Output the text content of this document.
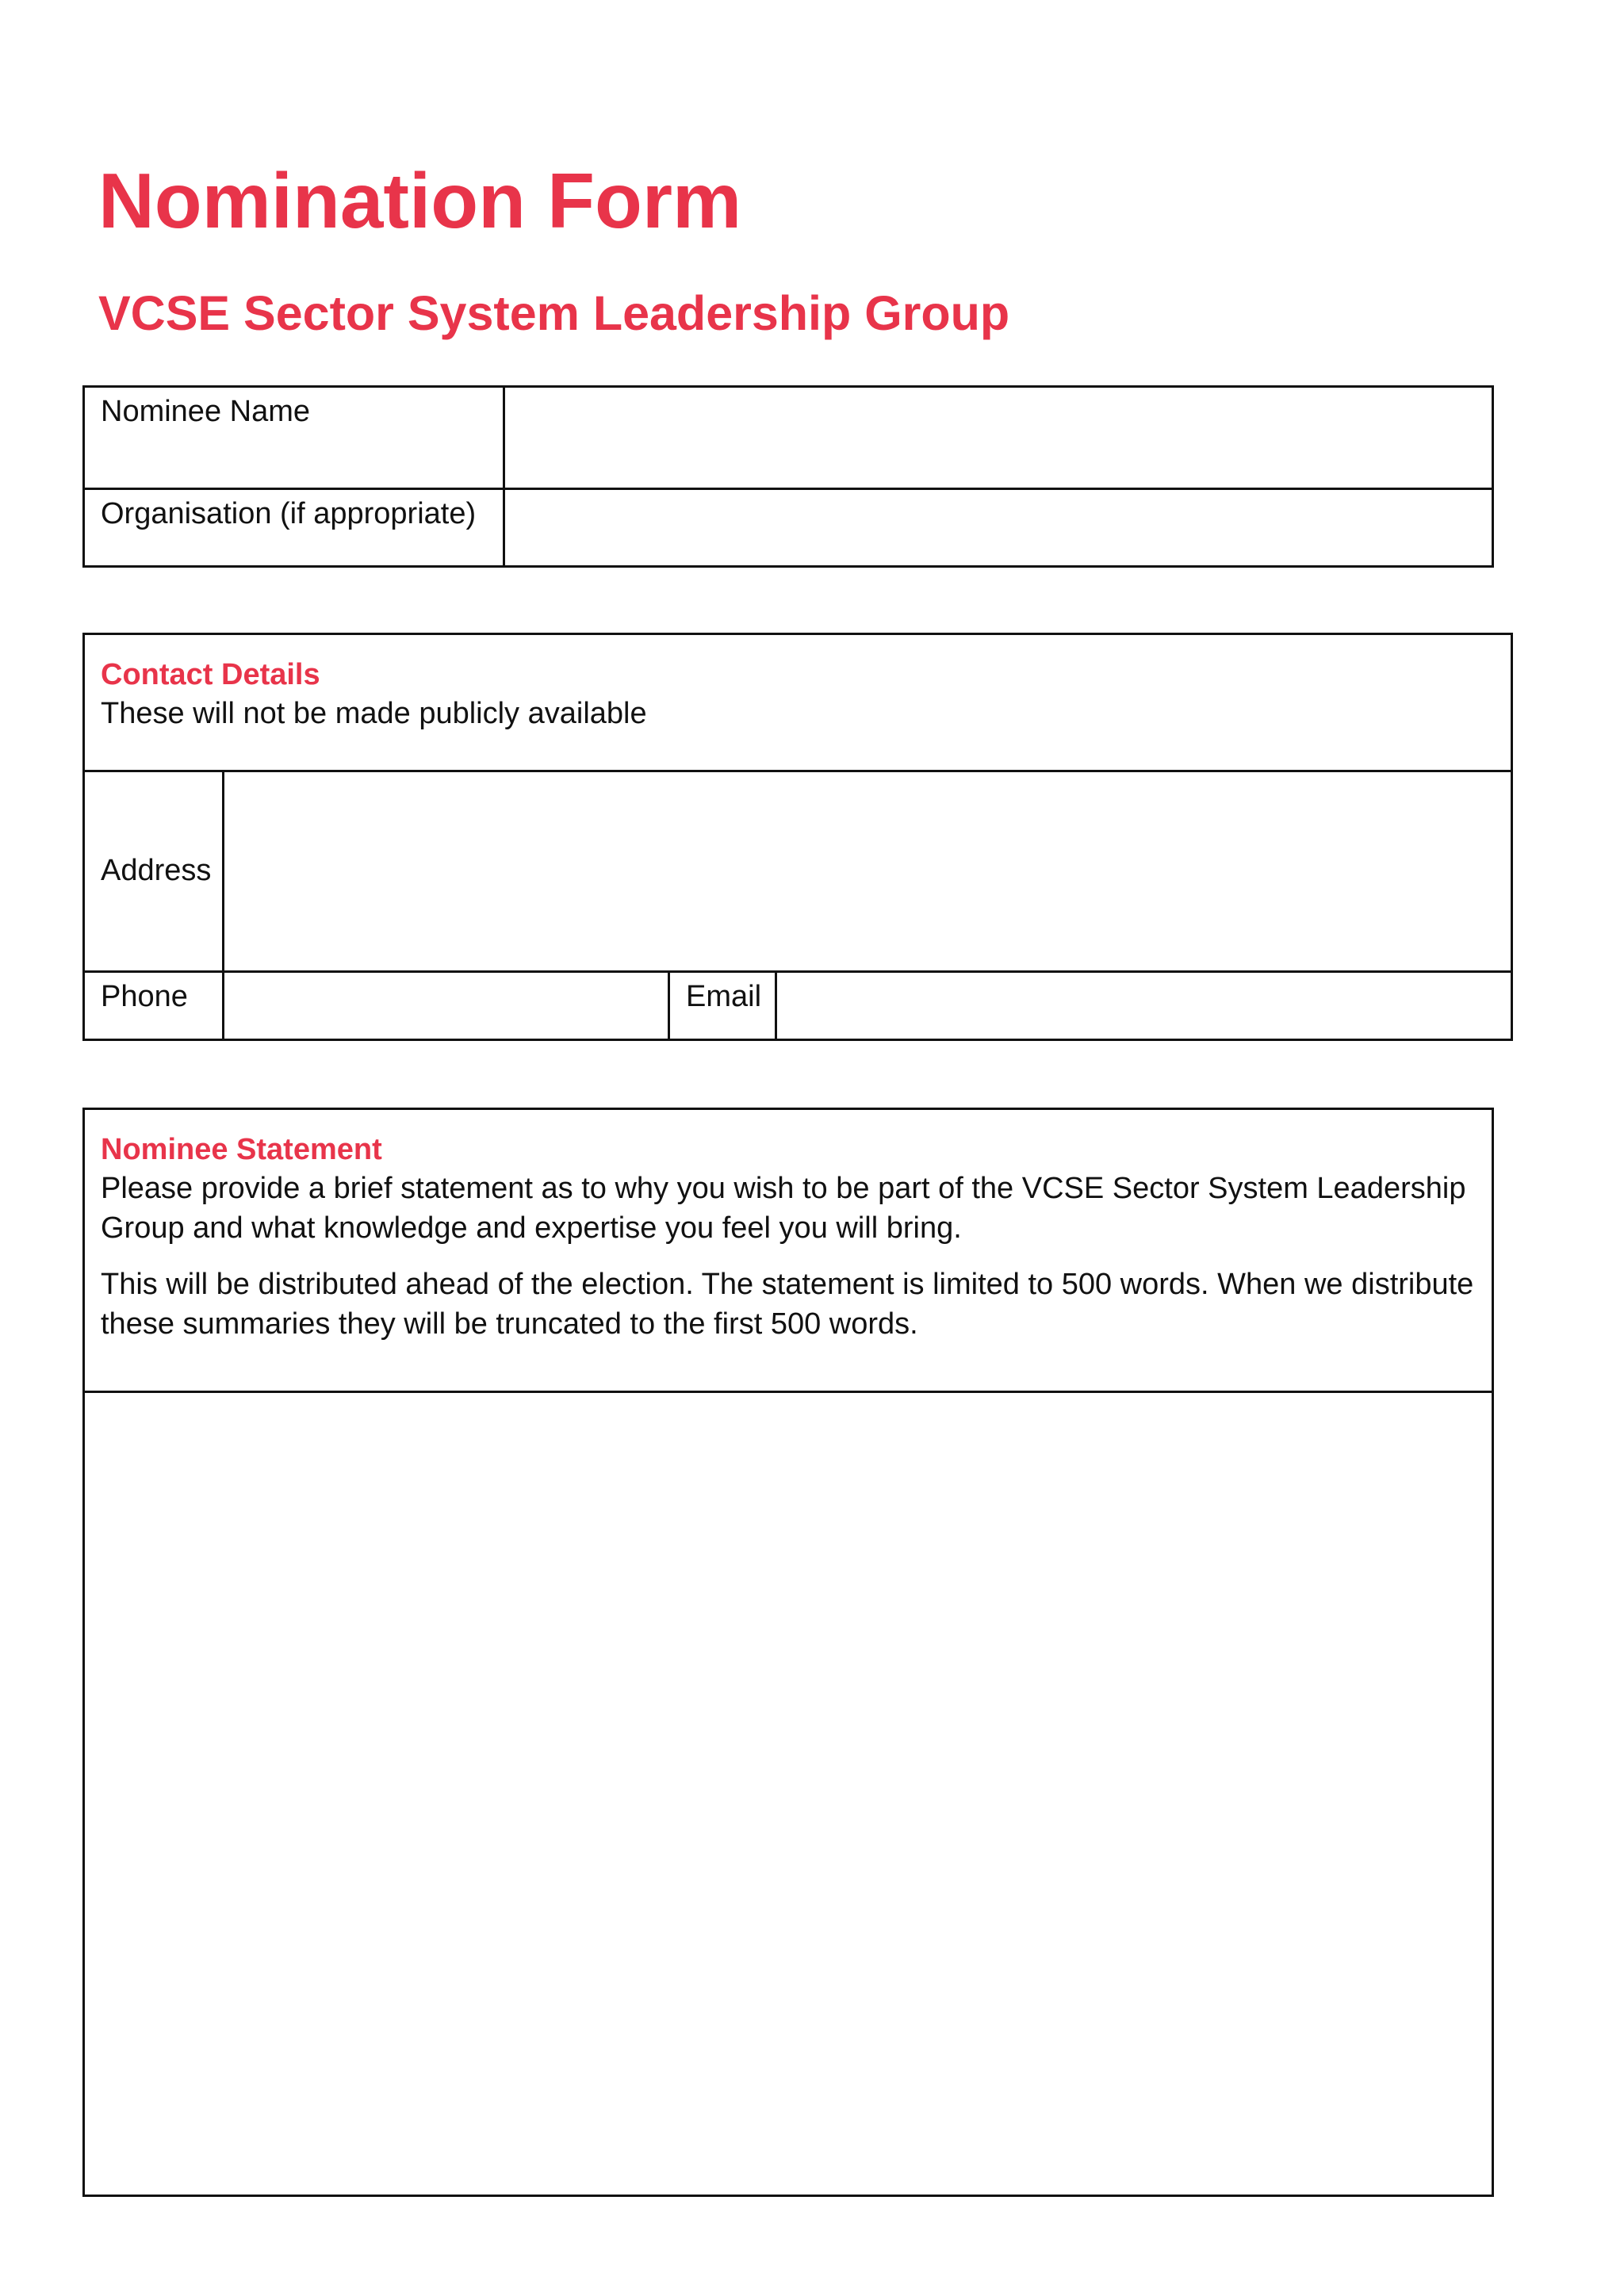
Nomination Form
VCSE Sector System Leadership Group
Nominee Name

Organisation (if appropriate)

Contact Details
These will not be made publicly available			

Address

Phone		Email

Nominee Statement

Please provide a brief statement as to why you wish to be part of the VCSE Sector System Leadership Group and what knowledge and expertise you feel you will bring.

This will be distributed ahead of the election. The statement is limited to 500 words. When we distribute these summaries they will be truncated to the first 500 words.
